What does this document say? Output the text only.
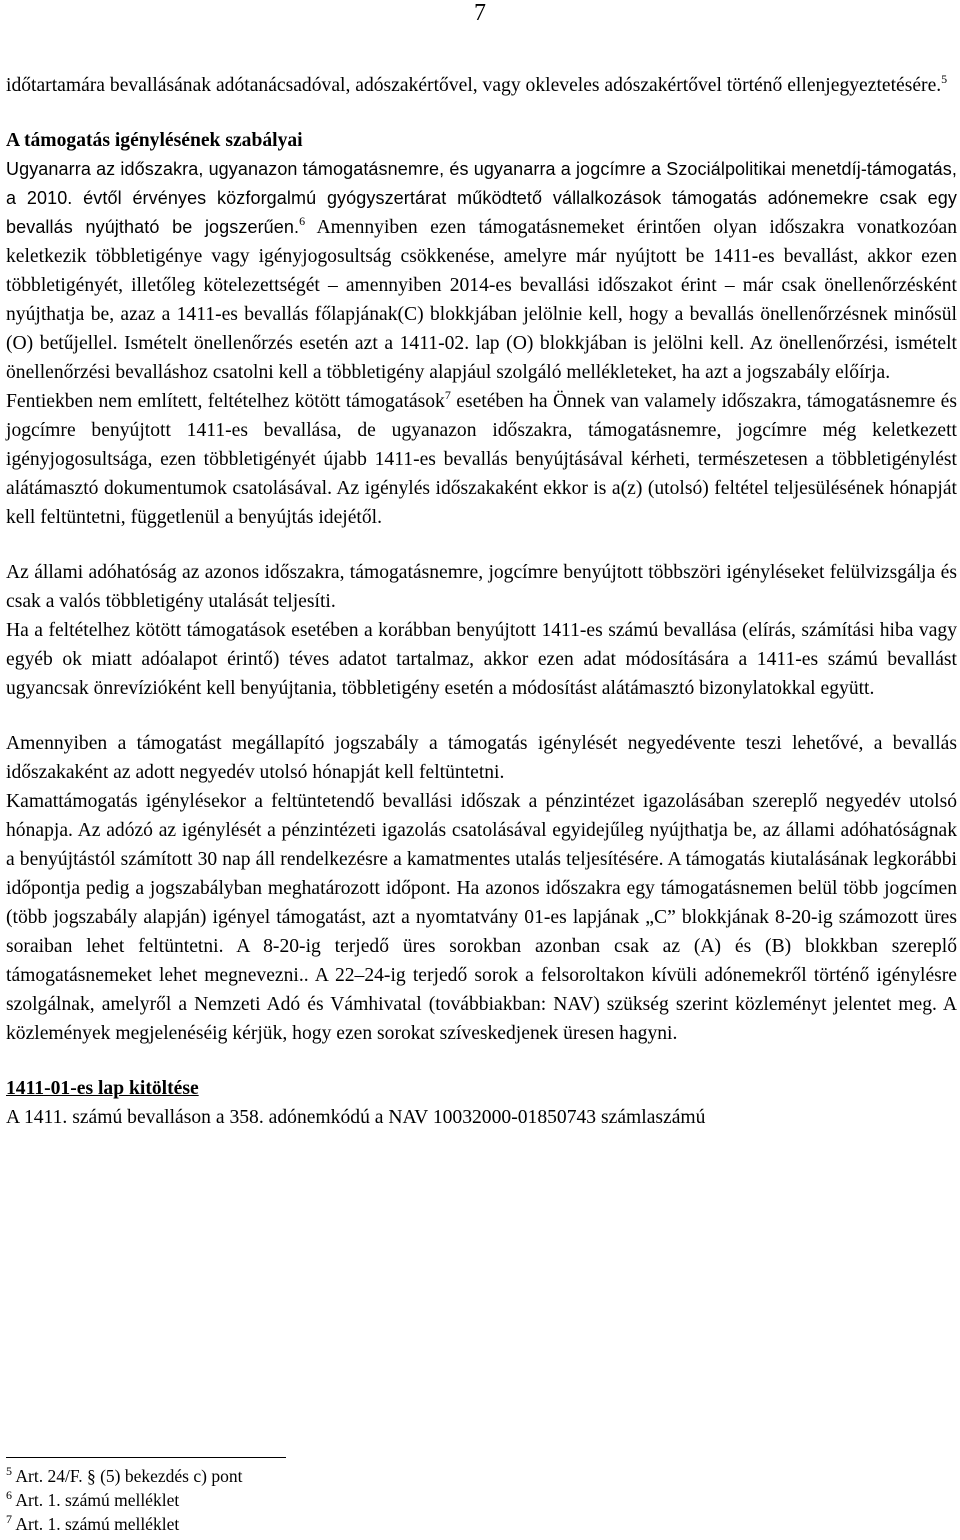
7

időtartamára bevallásának adótanácsadóval, adószakértővel, vagy okleveles adószakértővel történő ellenjegyeztetésére.$^5$

A támogatás igénylésének szabályai

Ugyanarra az időszakra, ugyanazon támogatásnemre, és ugyanarra a jogcímre a Szociálpolitikai menetdíj-támogatás, a 2010. évtől érvényes közforgalmú gyógyszertárat működtető vállalkozások támogatás adónemekre csak egy bevallás nyújtható be jogszerűen.$^6$ Amennyiben ezen támogatásnemeket érintően olyan időszakra vonatkozóan keletkezik többletigénye vagy igényjogosultság csökkenése, amelyre már nyújtott be 1411-es bevallást, akkor ezen többletigényét, illetőleg kötelezettségét – amennyiben 2014-es bevallási időszakot érint – már csak önellenőrzésként nyújthatja be, azaz a 1411-es bevallás főlapjának(C) blokkjában jelölnie kell, hogy a bevallás önellenőrzésnek minősül (O) betűjellel. Ismételt önellenőrzés esetén azt a 1411-02. lap (O) blokkjában is jelölni kell. Az önellenőrzési, ismételt önellenőrzési bevalláshoz csatolni kell a többletigény alapjául szolgáló mellékleteket, ha azt a jogszabály előírja.

Fentiekben nem említett, feltételhez kötött támogatások$^7$ esetében ha Önnek van valamely időszakra, támogatásnemre és jogcímre benyújtott 1411-es bevallása, de ugyanazon időszakra, támogatásnemre, jogcímre még keletkezett igényjogosultsága, ezen többletigényét újabb 1411-es bevallás benyújtásával kérheti, természetesen a többletigénylést alátámasztó dokumentumok csatolásával. Az igénylés időszakaként ekkor is a(z) (utolsó) feltétel teljesülésének hónapját kell feltüntetni, függetlenül a benyújtás idejétől.

Az állami adóhatóság az azonos időszakra, támogatásnemre, jogcímre benyújtott többszöri igényléseket felülvizsgálja és csak a valós többletigény utalását teljesíti.

Ha a feltételhez kötött támogatások esetében a korábban benyújtott 1411-es számú bevallása (elírás, számítási hiba vagy egyéb ok miatt adóalapot érintő) téves adatot tartalmaz, akkor ezen adat módosítására a 1411-es számú bevallást ugyancsak önrevízióként kell benyújtania, többletigény esetén a módosítást alátámasztó bizonylatokkal együtt.

Amennyiben a támogatást megállapító jogszabály a támogatás igénylését negyedévente teszi lehetővé, a bevallás időszakaként az adott negyedév utolsó hónapját kell feltüntetni.

Kamattámogatás igénylésekor a feltüntetendő bevallási időszak a pénzintézet igazolásában szereplő negyedév utolsó hónapja. Az adózó az igénylését a pénzintézeti igazolás csatolásával egyidejűleg nyújthatja be, az állami adóhatóságnak a benyújtástól számított 30 nap áll rendelkezésre a kamatmentes utalás teljesítésére. A támogatás kiutalásának legkorábbi időpontja pedig a jogszabályban meghatározott időpont. Ha azonos időszakra egy támogatásnemen belül több jogcímen (több jogszabály alapján) igényel támogatást, azt a nyomtatvány 01-es lapjának „C” blokkjának 8-20-ig számozott üres soraiban lehet feltüntetni. A 8-20-ig terjedő üres sorokban azonban csak az (A) és (B) blokkban szereplő támogatásnemeket lehet megnevezni.. A 22–24-ig terjedő sorok a felsoroltakon kívüli adónemekről történő igénylésre szolgálnak, amelyről a Nemzeti Adó és Vámhivatal (továbbiakban: NAV) szükség szerint közleményt jelentet meg. A közlemények megjelenéséig kérjük, hogy ezen sorokat szíveskedjenek üresen hagyni.

1411-01-es lap kitöltése

A 1411. számú bevalláson a 358. adónemkódú a NAV 10032000-01850743 számlaszámú

$^5$ Art. 24/F. § (5) bekezdés c) pont
$^6$ Art. 1. számú melléklet
$^7$ Art. 1. számú melléklet
